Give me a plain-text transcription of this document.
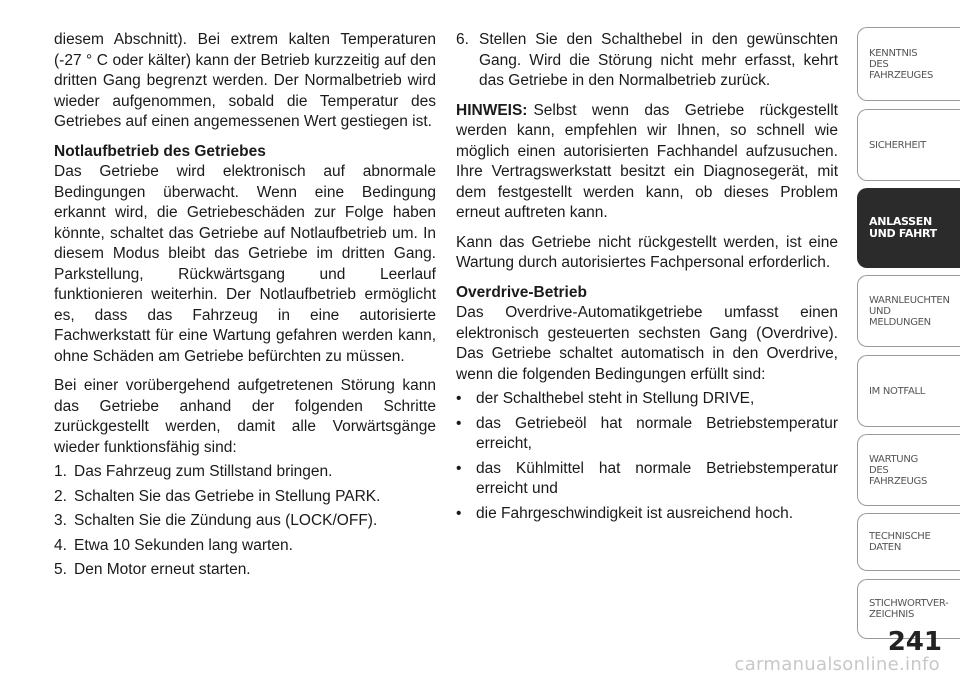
diesem Abschnitt). Bei extrem kalten Temperaturen (-27 ° C oder kälter) kann der Betrieb kurzzeitig auf den dritten Gang begrenzt werden. Der Normalbetrieb wird wieder aufgenommen, sobald die Temperatur des Getriebes auf einen angemessenen Wert gestiegen ist.

Notlaufbetrieb des Getriebes

Das Getriebe wird elektronisch auf abnormale Bedingungen überwacht. Wenn eine Bedingung erkannt wird, die Getriebeschäden zur Folge haben könnte, schaltet das Getriebe auf Notlaufbetrieb um. In diesem Modus bleibt das Getriebe im dritten Gang. Parkstellung, Rückwärtsgang und Leerlauf funktionieren weiterhin. Der Notlaufbetrieb ermöglicht es, dass das Fahrzeug in eine autorisierte Fachwerkstatt für eine Wartung gefahren werden kann, ohne Schäden am Getriebe befürchten zu müssen.

Bei einer vorübergehend aufgetretenen Störung kann das Getriebe anhand der folgenden Schritte zurückgestellt werden, damit alle Vorwärtsgänge wieder funktionsfähig sind:

1. Das Fahrzeug zum Stillstand bringen.
2. Schalten Sie das Getriebe in Stellung PARK.
3. Schalten Sie die Zündung aus (LOCK/OFF).
4. Etwa 10 Sekunden lang warten.
5. Den Motor erneut starten.
6. Stellen Sie den Schalthebel in den gewünschten Gang. Wird die Störung nicht mehr erfasst, kehrt das Getriebe in den Normalbetrieb zurück.

HINWEIS: Selbst wenn das Getriebe rückgestellt werden kann, empfehlen wir Ihnen, so schnell wie möglich einen autorisierten Fachhandel aufzusuchen. Ihre Vertragswerkstatt besitzt ein Diagnosegerät, mit dem festgestellt werden kann, ob dieses Problem erneut auftreten kann.

Kann das Getriebe nicht rückgestellt werden, ist eine Wartung durch autorisiertes Fachpersonal erforderlich.

Overdrive-Betrieb

Das Overdrive-Automatikgetriebe umfasst einen elektronisch gesteuerten sechsten Gang (Overdrive). Das Getriebe schaltet automatisch in den Overdrive, wenn die folgenden Bedingungen erfüllt sind:

• der Schalthebel steht in Stellung DRIVE,
• das Getriebeöl hat normale Betriebstemperatur erreicht,
• das Kühlmittel hat normale Betriebstemperatur erreicht und
• die Fahrgeschwindigkeit ist ausreichend hoch.
KENNTNIS
DES
FAHRZEUGES
SICHERHEIT
ANLASSEN
UND FAHRT
WARNLEUCHTEN
UND
MELDUNGEN
IM NOTFALL
WARTUNG
DES
FAHRZEUGS
TECHNISCHE
DATEN
STICHWORTVER-
ZEICHNIS
241
carmanualsonline.info
